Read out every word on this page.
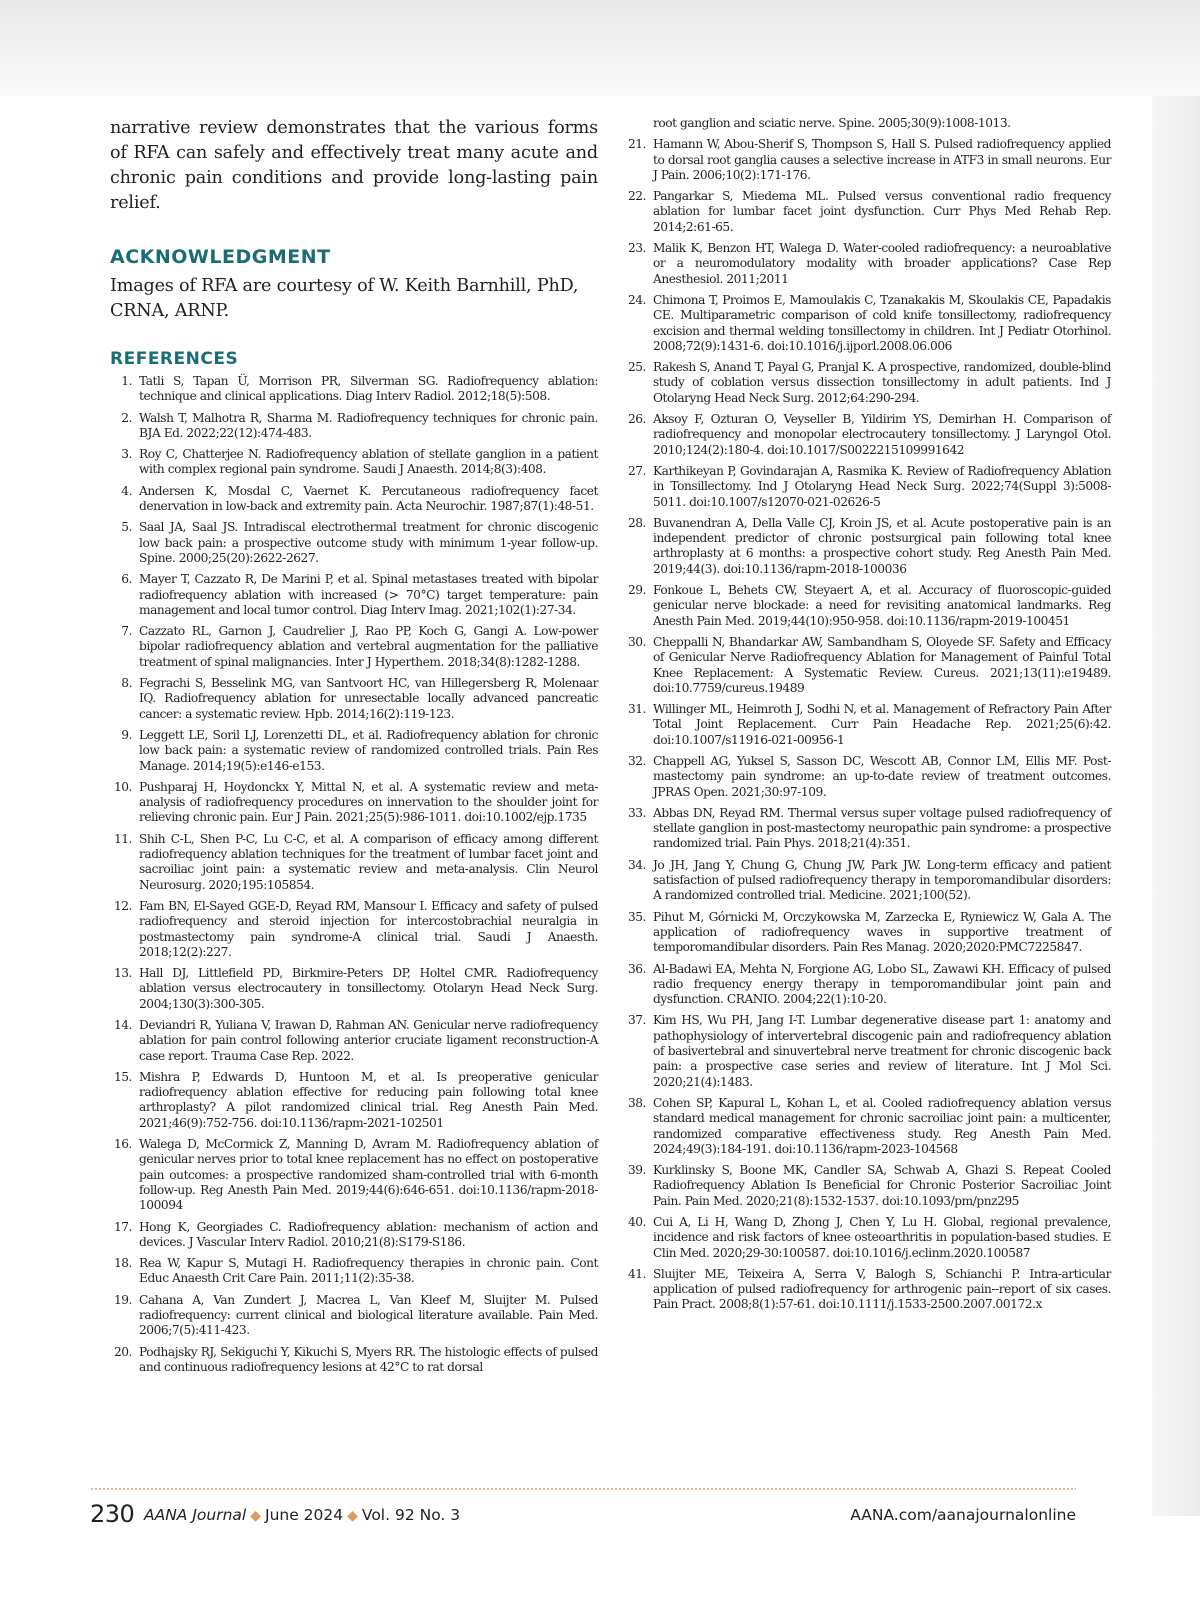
narrative review demonstrates that the various forms of RFA can safely and effectively treat many acute and chronic pain conditions and provide long-lasting pain relief.

ACKNOWLEDGMENT

Images of RFA are courtesy of W. Keith Barnhill, PhD, CRNA, ARNP.

REFERENCES
1. Tatli S, Tapan Ü, Morrison PR, Silverman SG. Radiofrequency ablation: technique and clinical applications. Diag Interv Radiol. 2012;18(5):508.
2. Walsh T, Malhotra R, Sharma M. Radiofrequency techniques for chronic pain. BJA Ed. 2022;22(12):474-483.
3. Roy C, Chatterjee N. Radiofrequency ablation of stellate ganglion in a patient with complex regional pain syndrome. Saudi J Anaesth. 2014;8(3):408.
4. Andersen K, Mosdal C, Vaernet K. Percutaneous radiofrequency facet denervation in low-back and extremity pain. Acta Neurochir. 1987;87(1):48-51.
5. Saal JA, Saal JS. Intradiscal electrothermal treatment for chronic discogenic low back pain: a prospective outcome study with minimum 1-year follow-up. Spine. 2000;25(20):2622-2627.
6. Mayer T, Cazzato R, De Marini P, et al. Spinal metastases treated with bipolar radiofrequency ablation with increased (> 70°C) target temperature: pain management and local tumor control. Diag Interv Imag. 2021;102(1):27-34.
7. Cazzato RL, Garnon J, Caudrelier J, Rao PP, Koch G, Gangi A. Low-power bipolar radiofrequency ablation and vertebral augmentation for the palliative treatment of spinal malignancies. Inter J Hyperthem. 2018;34(8):1282-1288.
8. Fegrachi S, Besselink MG, van Santvoort HC, van Hillegersberg R, Molenaar IQ. Radiofrequency ablation for unresectable locally advanced pancreatic cancer: a systematic review. Hpb. 2014;16(2):119-123.
9. Leggett LE, Soril LJ, Lorenzetti DL, et al. Radiofrequency ablation for chronic low back pain: a systematic review of randomized controlled trials. Pain Res Manage. 2014;19(5):e146-e153.
10. Pushparaj H, Hoydonckx Y, Mittal N, et al. A systematic review and meta-analysis of radiofrequency procedures on innervation to the shoulder joint for relieving chronic pain. Eur J Pain. 2021;25(5):986-1011. doi:10.1002/ejp.1735
11. Shih C-L, Shen P-C, Lu C-C, et al. A comparison of efficacy among different radiofrequency ablation techniques for the treatment of lumbar facet joint and sacroiliac joint pain: a systematic review and meta-analysis. Clin Neurol Neurosurg. 2020;195:105854.
12. Fam BN, El-Sayed GGE-D, Reyad RM, Mansour I. Efficacy and safety of pulsed radiofrequency and steroid injection for intercostobrachial neuralgia in postmastectomy pain syndrome-A clinical trial. Saudi J Anaesth. 2018;12(2):227.
13. Hall DJ, Littlefield PD, Birkmire-Peters DP, Holtel CMR. Radiofrequency ablation versus electrocautery in tonsillectomy. Otolaryn Head Neck Surg. 2004;130(3):300-305.
14. Deviandri R, Yuliana V, Irawan D, Rahman AN. Genicular nerve radiofrequency ablation for pain control following anterior cruciate ligament reconstruction-A case report. Trauma Case Rep. 2022.
15. Mishra P, Edwards D, Huntoon M, et al. Is preoperative genicular radiofrequency ablation effective for reducing pain following total knee arthroplasty? A pilot randomized clinical trial. Reg Anesth Pain Med. 2021;46(9):752-756. doi:10.1136/rapm-2021-102501
16. Walega D, McCormick Z, Manning D, Avram M. Radiofrequency ablation of genicular nerves prior to total knee replacement has no effect on postoperative pain outcomes: a prospective randomized sham-controlled trial with 6-month follow-up. Reg Anesth Pain Med. 2019;44(6):646-651. doi:10.1136/rapm-2018-100094
17. Hong K, Georgiades C. Radiofrequency ablation: mechanism of action and devices. J Vascular Interv Radiol. 2010;21(8):S179-S186.
18. Rea W, Kapur S, Mutagi H. Radiofrequency therapies in chronic pain. Cont Educ Anaesth Crit Care Pain. 2011;11(2):35-38.
19. Cahana A, Van Zundert J, Macrea L, Van Kleef M, Sluijter M. Pulsed radiofrequency: current clinical and biological literature available. Pain Med. 2006;7(5):411-423.
20. Podhajsky RJ, Sekiguchi Y, Kikuchi S, Myers RR. The histologic effects of pulsed and continuous radiofrequency lesions at 42°C to rat dorsal
root ganglion and sciatic nerve. Spine. 2005;30(9):1008-1013.
21. Hamann W, Abou-Sherif S, Thompson S, Hall S. Pulsed radiofrequency applied to dorsal root ganglia causes a selective increase in ATF3 in small neurons. Eur J Pain. 2006;10(2):171-176.
22. Pangarkar S, Miedema ML. Pulsed versus conventional radio frequency ablation for lumbar facet joint dysfunction. Curr Phys Med Rehab Rep. 2014;2:61-65.
23. Malik K, Benzon HT, Walega D. Water-cooled radiofrequency: a neuroablative or a neuromodulatory modality with broader applications? Case Rep Anesthesiol. 2011;2011
24. Chimona T, Proimos E, Mamoulakis C, Tzanakakis M, Skoulakis CE, Papadakis CE. Multiparametric comparison of cold knife tonsillectomy, radiofrequency excision and thermal welding tonsillectomy in children. Int J Pediatr Otorhinol. 2008;72(9):1431-6. doi:10.1016/j.ijporl.2008.06.006
25. Rakesh S, Anand T, Payal G, Pranjal K. A prospective, randomized, double-blind study of coblation versus dissection tonsillectomy in adult patients. Ind J Otolaryng Head Neck Surg. 2012;64:290-294.
26. Aksoy F, Ozturan O, Veyseller B, Yildirim YS, Demirhan H. Comparison of radiofrequency and monopolar electrocautery tonsillectomy. J Laryngol Otol. 2010;124(2):180-4. doi:10.1017/S0022215109991642
27. Karthikeyan P, Govindarajan A, Rasmika K. Review of Radiofrequency Ablation in Tonsillectomy. Ind J Otolaryng Head Neck Surg. 2022;74(Suppl 3):5008-5011. doi:10.1007/s12070-021-02626-5
28. Buvanendran A, Della Valle CJ, Kroin JS, et al. Acute postoperative pain is an independent predictor of chronic postsurgical pain following total knee arthroplasty at 6 months: a prospective cohort study. Reg Anesth Pain Med. 2019;44(3). doi:10.1136/rapm-2018-100036
29. Fonkoue L, Behets CW, Steyaert A, et al. Accuracy of fluoroscopic-guided genicular nerve blockade: a need for revisiting anatomical landmarks. Reg Anesth Pain Med. 2019;44(10):950-958. doi:10.1136/rapm-2019-100451
30. Cheppalli N, Bhandarkar AW, Sambandham S, Oloyede SF. Safety and Efficacy of Genicular Nerve Radiofrequency Ablation for Management of Painful Total Knee Replacement: A Systematic Review. Cureus. 2021;13(11):e19489. doi:10.7759/cureus.19489
31. Willinger ML, Heimroth J, Sodhi N, et al. Management of Refractory Pain After Total Joint Replacement. Curr Pain Headache Rep. 2021;25(6):42. doi:10.1007/s11916-021-00956-1
32. Chappell AG, Yuksel S, Sasson DC, Wescott AB, Connor LM, Ellis MF. Post-mastectomy pain syndrome: an up-to-date review of treatment outcomes. JPRAS Open. 2021;30:97-109.
33. Abbas DN, Reyad RM. Thermal versus super voltage pulsed radiofrequency of stellate ganglion in post-mastectomy neuropathic pain syndrome: a prospective randomized trial. Pain Phys. 2018;21(4):351.
34. Jo JH, Jang Y, Chung G, Chung JW, Park JW. Long-term efficacy and patient satisfaction of pulsed radiofrequency therapy in temporomandibular disorders: A randomized controlled trial. Medicine. 2021;100(52).
35. Pihut M, Górnicki M, Orczykowska M, Zarzecka E, Ryniewicz W, Gala A. The application of radiofrequency waves in supportive treatment of temporomandibular disorders. Pain Res Manag. 2020;2020:PMC7225847.
36. Al-Badawi EA, Mehta N, Forgione AG, Lobo SL, Zawawi KH. Efficacy of pulsed radio frequency energy therapy in temporomandibular joint pain and dysfunction. CRANIO. 2004;22(1):10-20.
37. Kim HS, Wu PH, Jang I-T. Lumbar degenerative disease part 1: anatomy and pathophysiology of intervertebral discogenic pain and radiofrequency ablation of basivertebral and sinuvertebral nerve treatment for chronic discogenic back pain: a prospective case series and review of literature. Int J Mol Sci. 2020;21(4):1483.
38. Cohen SP, Kapural L, Kohan L, et al. Cooled radiofrequency ablation versus standard medical management for chronic sacroiliac joint pain: a multicenter, randomized comparative effectiveness study. Reg Anesth Pain Med. 2024;49(3):184-191. doi:10.1136/rapm-2023-104568
39. Kurklinsky S, Boone MK, Candler SA, Schwab A, Ghazi S. Repeat Cooled Radiofrequency Ablation Is Beneficial for Chronic Posterior Sacroiliac Joint Pain. Pain Med. 2020;21(8):1532-1537. doi:10.1093/pm/pnz295
40. Cui A, Li H, Wang D, Zhong J, Chen Y, Lu H. Global, regional prevalence, incidence and risk factors of knee osteoarthritis in population-based studies. E Clin Med. 2020;29-30:100587. doi:10.1016/j.eclinm.2020.100587
41. Sluijter ME, Teixeira A, Serra V, Balogh S, Schianchi P. Intra-articular application of pulsed radiofrequency for arthrogenic pain--report of six cases. Pain Pract. 2008;8(1):57-61. doi:10.1111/j.1533-2500.2007.00172.x
230 AANA Journal ◆ June 2024 ◆ Vol. 92 No. 3	AANA.com/aanajournalonline
